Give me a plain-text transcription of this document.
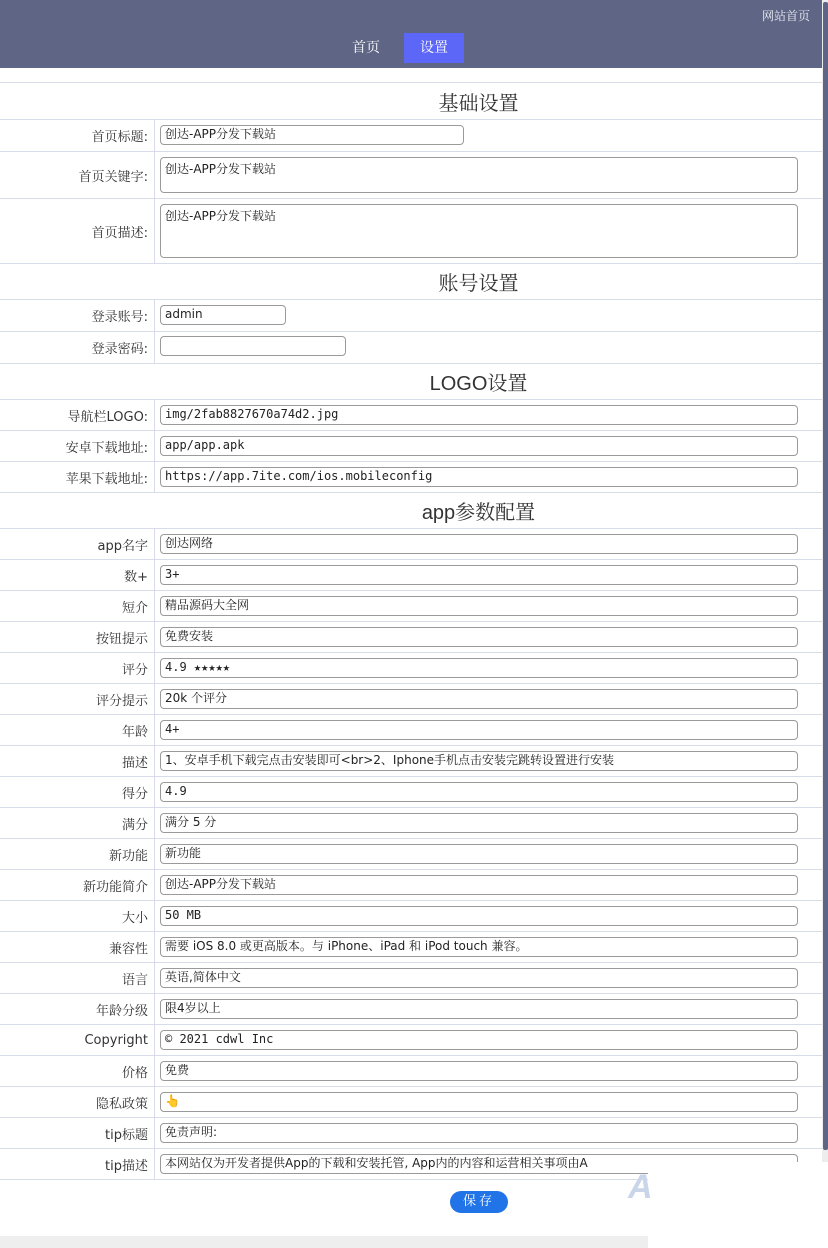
网站首页
首页	设置
基础设置
首页标题:	创达-APP分发下载站
首页关键字:
创达-APP分发下载站
首页描述:
创达-APP分发下载站
账号设置
登录账号:	admin
登录密码:
LOGO设置
导航栏LOGO:	img/2fab8827670a74d2.jpg
安卓下载地址:	app/app.apk
苹果下载地址:	https://app.7ite.com/ios.mobileconfig
app参数配置
app名字	创达网络
数+	3+
短介	精品源码大全网
按钮提示	免费安装
评分	4.9 ★★★★★
评分提示	20k 个评分
年龄	4+
描述	1、安卓手机下载完点击安装即可<br>2、Iphone手机点击安装完跳转设置进行安装
得分	4.9
满分	满分 5 分
新功能	新功能
新功能简介	创达-APP分发下载站
大小	50 MB
兼容性	需要 iOS 8.0 或更高版本。与 iPhone、iPad 和 iPod touch 兼容。
语言	英语,简体中文
年龄分级	限4岁以上
Copyright	© 2021 cdwl Inc
价格	免费
隐私政策	👆
tip标题	免责声明:
tip描述	本网站仅为开发者提供App的下载和安装托管, App内的内容和运营相关事项由A
保存	A
